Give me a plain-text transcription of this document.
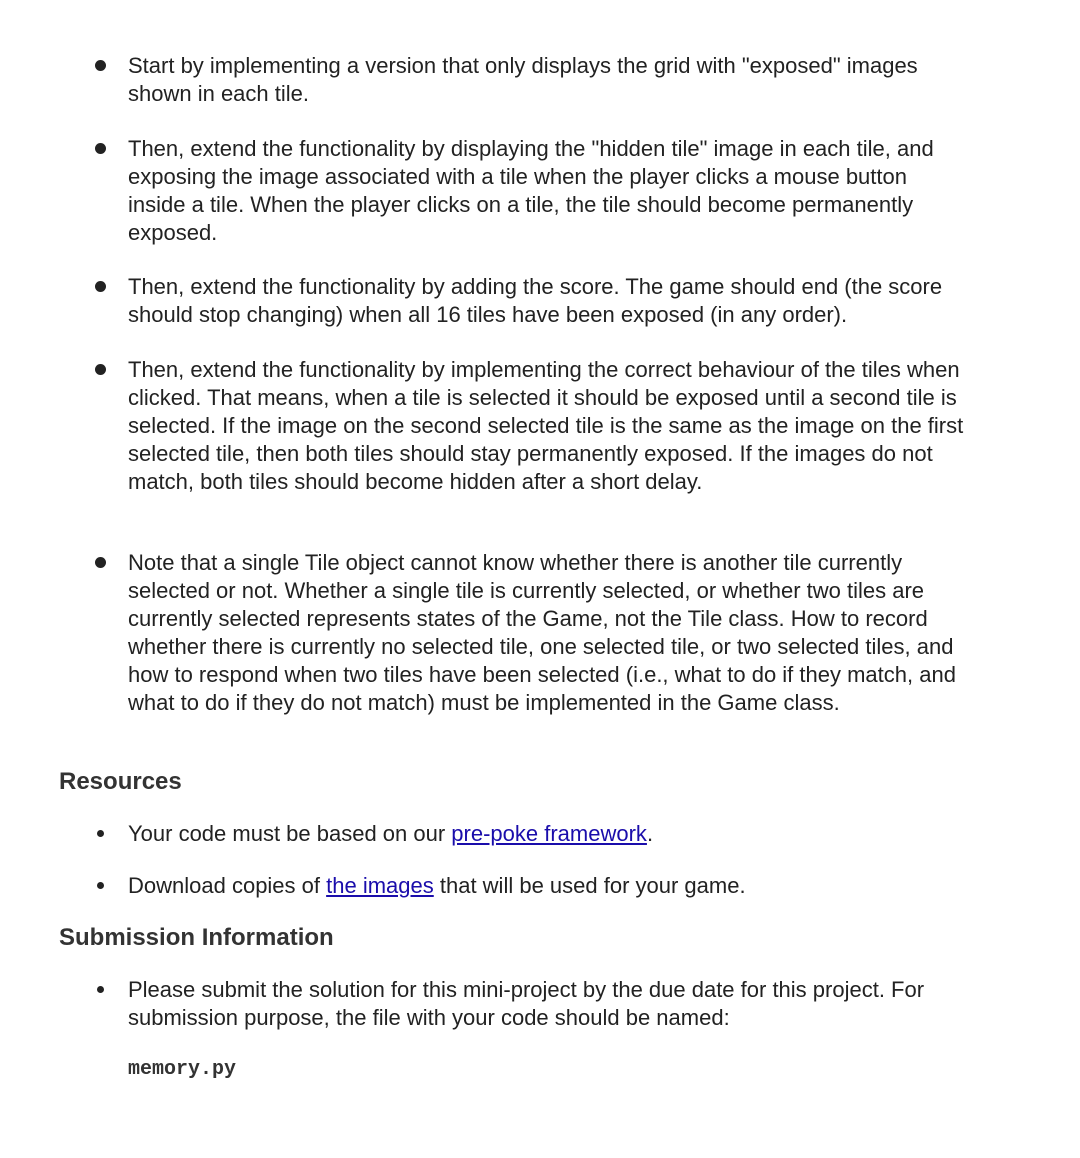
Start by implementing a version that only displays the grid with "exposed" images shown in each tile.
Then, extend the functionality by displaying the "hidden tile" image in each tile, and exposing the image associated with a tile when the player clicks a mouse button inside a tile. When the player clicks on a tile, the tile should become permanently exposed.
Then, extend the functionality by adding the score. The game should end (the score should stop changing) when all 16 tiles have been exposed (in any order).
Then, extend the functionality by implementing the correct behaviour of the tiles when clicked. That means, when a tile is selected it should be exposed until a second tile is selected. If the image on the second selected tile is the same as the image on the first selected tile, then both tiles should stay permanently exposed. If the images do not match, both tiles should become hidden after a short delay.
Note that a single Tile object cannot know whether there is another tile currently selected or not. Whether a single tile is currently selected, or whether two tiles are currently selected represents states of the Game, not the Tile class. How to record whether there is currently no selected tile, one selected tile, or two selected tiles, and how to respond when two tiles have been selected (i.e., what to do if they match, and what to do if they do not match) must be implemented in the Game class.
Resources
Your code must be based on our pre-poke framework.
Download copies of the images that will be used for your game.
Submission Information
Please submit the solution for this mini-project by the due date for this project. For submission purpose, the file with your code should be named:
memory.py
